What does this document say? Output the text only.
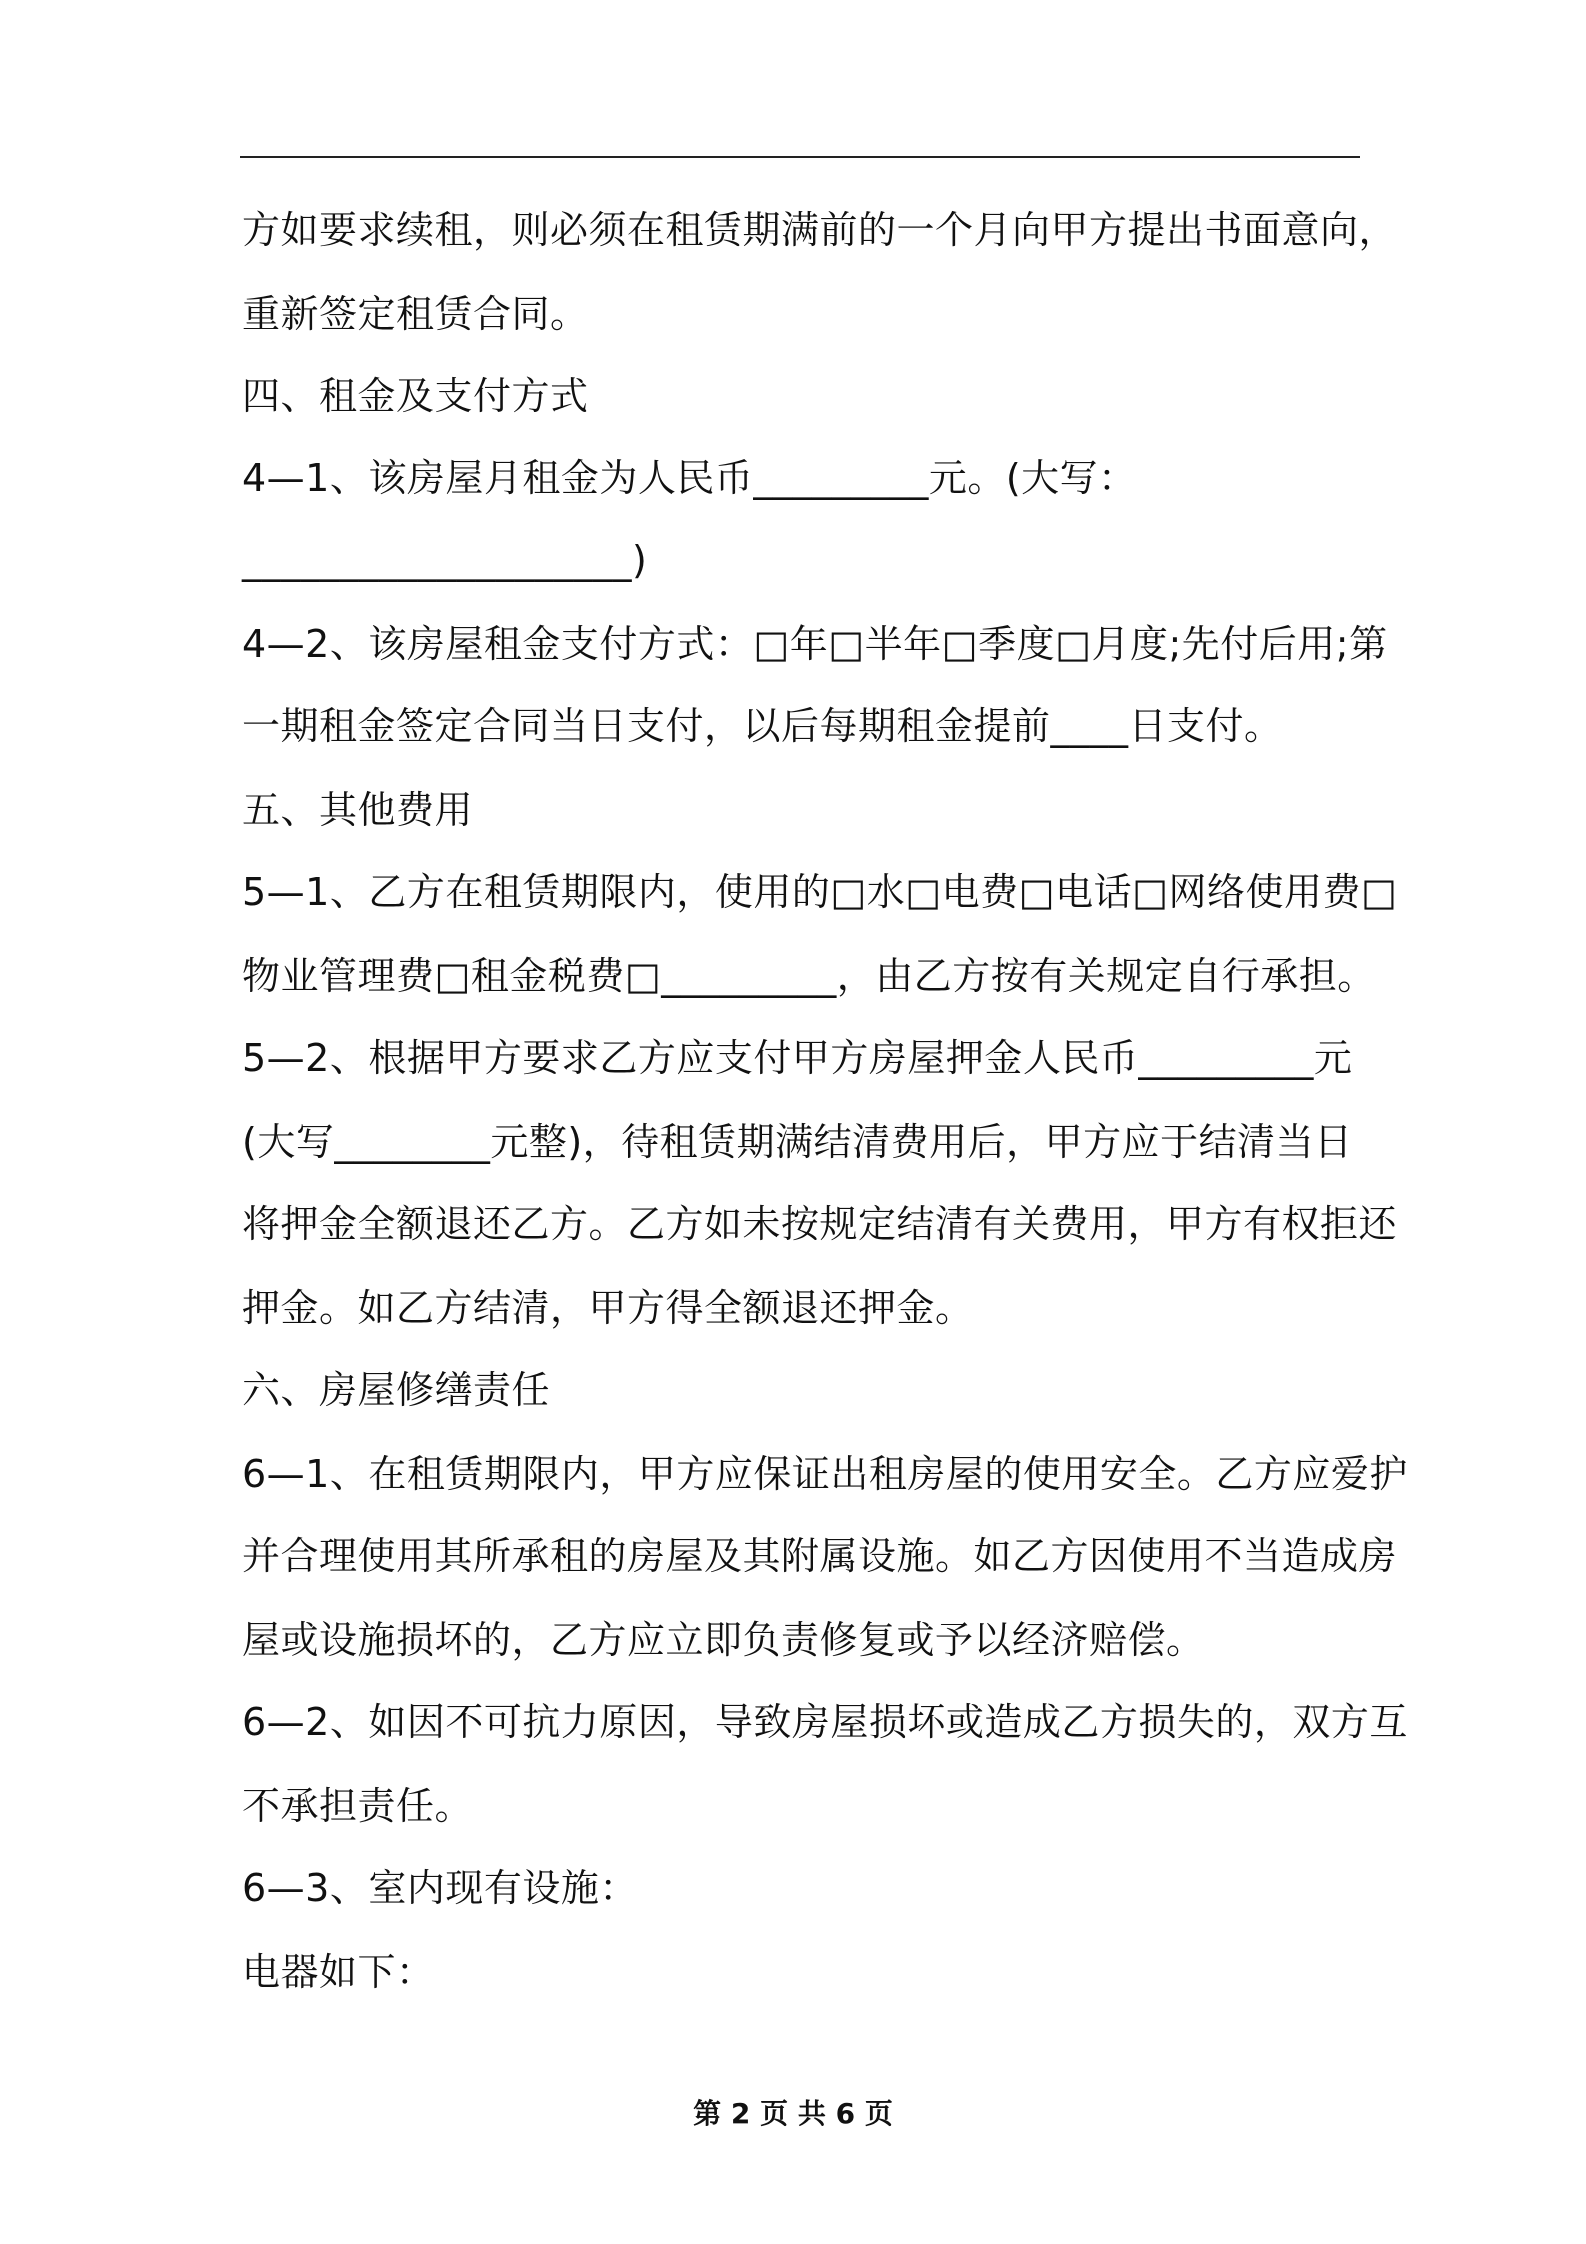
方如要求续租，则必须在租赁期满前的一个月向甲方提出书面意向，
重新签定租赁合同。
四、租金及支付方式
4—1、该房屋月租金为人民币_________元。(大写：
____________________)
4—2、该房屋租金支付方式：□年□半年□季度□月度;先付后用;第
一期租金签定合同当日支付，以后每期租金提前____日支付。
五、其他费用
5—1、乙方在租赁期限内，使用的□水□电费□电话□网络使用费□
物业管理费□租金税费□_________，由乙方按有关规定自行承担。
5—2、根据甲方要求乙方应支付甲方房屋押金人民币_________元
(大写________元整)，待租赁期满结清费用后，甲方应于结清当日
将押金全额退还乙方。乙方如未按规定结清有关费用，甲方有权拒还
押金。如乙方结清，甲方得全额退还押金。
六、房屋修缮责任
6—1、在租赁期限内，甲方应保证出租房屋的使用安全。乙方应爱护
并合理使用其所承租的房屋及其附属设施。如乙方因使用不当造成房
屋或设施损坏的，乙方应立即负责修复或予以经济赔偿。
6—2、如因不可抗力原因，导致房屋损坏或造成乙方损失的，双方互
不承担责任。
6—3、室内现有设施：
电器如下：
第 2 页 共 6 页
